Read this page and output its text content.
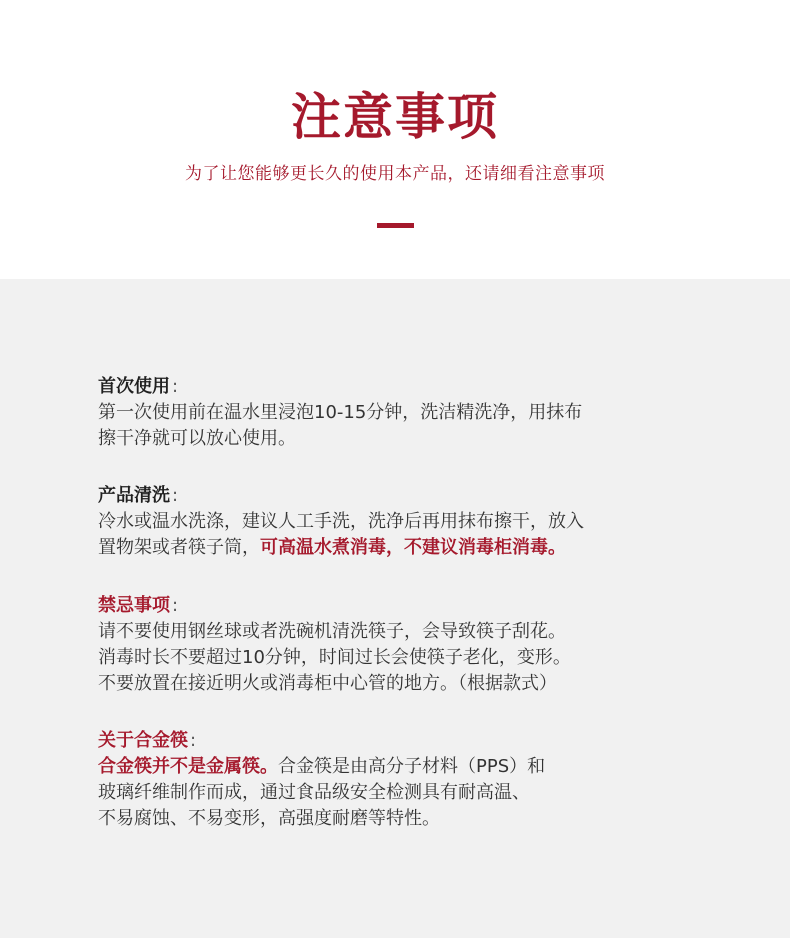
注意事项
为了让您能够更长久的使用本产品，还请细看注意事项
首次使用 :
第一次使用前在温水里浸泡10-15分钟，洗洁精洗净，用抹布
擦干净就可以放心使用。
产品清洗 :
冷水或温水洗涤，建议人工手洗，洗净后再用抹布擦干，放入
置物架或者筷子筒，可高温水煮消毒，不建议消毒柜消毒。
禁忌事项 :
请不要使用钢丝球或者洗碗机清洗筷子，会导致筷子刮花。
消毒时长不要超过10分钟，时间过长会使筷子老化，变形。
不要放置在接近明火或消毒柜中心管的地方。（根据款式）
关于合金筷 :
合金筷并不是金属筷。合金筷是由高分子材料（PPS）和
玻璃纤维制作而成，通过食品级安全检测具有耐高温、
不易腐蚀、不易变形，高强度耐磨等特性。
